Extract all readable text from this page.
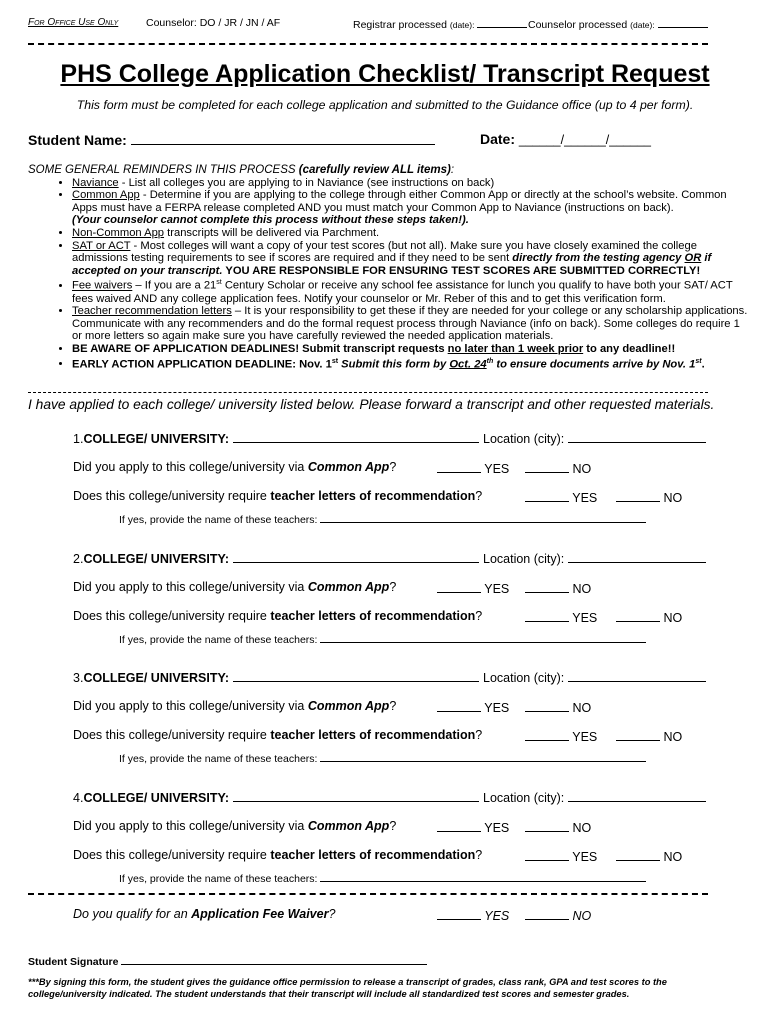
For Office Use Only	Counselor: DO / JR / JN / AF	Registrar processed (date):	Counselor processed (date):
PHS College Application Checklist/ Transcript Request
This form must be completed for each college application and submitted to the Guidance office (up to 4 per form).
Student Name:	Date: ______/______/______
SOME GENERAL REMINDERS IN THIS PROCESS (carefully review ALL items):
• Naviance - List all colleges you are applying to in Naviance (see instructions on back)
• Common App - Determine if you are applying to the college through either Common App or directly at the school’s website. Common Apps must have a FERPA release completed AND you must match your Common App to Naviance (instructions on back).
(Your counselor cannot complete this process without these steps taken!).
• Non-Common App transcripts will be delivered via Parchment.
• SAT or ACT - Most colleges will want a copy of your test scores (but not all). Make sure you have closely examined the college admissions testing requirements to see if scores are required and if they need to be sent directly from the testing agency OR if accepted on your transcript. YOU ARE RESPONSIBLE FOR ENSURING TEST SCORES ARE SUBMITTED CORRECTLY!
• Fee waivers – If you are a 21st Century Scholar or receive any school fee assistance for lunch you qualify to have both your SAT/ ACT fees waived AND any college application fees. Notify your counselor or Mr. Reber of this and to get this verification form.
• Teacher recommendation letters – It is your responsibility to get these if they are needed for your college or any scholarship applications. Communicate with any recommenders and do the formal request process through Naviance (info on back). Some colleges do require 1 or more letters so again make sure you have carefully reviewed the needed application materials.
• BE AWARE OF APPLICATION DEADLINES! Submit transcript requests no later than 1 week prior to any deadline!!
• EARLY ACTION APPLICATION DEADLINE: Nov. 1st Submit this form by Oct. 24th to ensure documents arrive by Nov. 1st.
I have applied to each college/ university listed below. Please forward a transcript and other requested materials.
1.COLLEGE/ UNIVERSITY:	Location (city):
Did you apply to this college/university via Common App?	YES	NO
Does this college/university require teacher letters of recommendation?	YES	NO
If yes, provide the name of these teachers:
2.COLLEGE/ UNIVERSITY:	Location (city):
Did you apply to this college/university via Common App?	YES	NO
Does this college/university require teacher letters of recommendation?	YES	NO
If yes, provide the name of these teachers:
3.COLLEGE/ UNIVERSITY:	Location (city):
Did you apply to this college/university via Common App?	YES	NO
Does this college/university require teacher letters of recommendation?	YES	NO
If yes, provide the name of these teachers:
4.COLLEGE/ UNIVERSITY:	Location (city):
Did you apply to this college/university via Common App?	YES	NO
Does this college/university require teacher letters of recommendation?	YES	NO
If yes, provide the name of these teachers:
Do you qualify for an Application Fee Waiver?	YES	NO
Student Signature
***By signing this form, the student gives the guidance office permission to release a transcript of grades, class rank, GPA and test scores to the college/university indicated. The student understands that their transcript will include all standardized test scores and semester grades.
